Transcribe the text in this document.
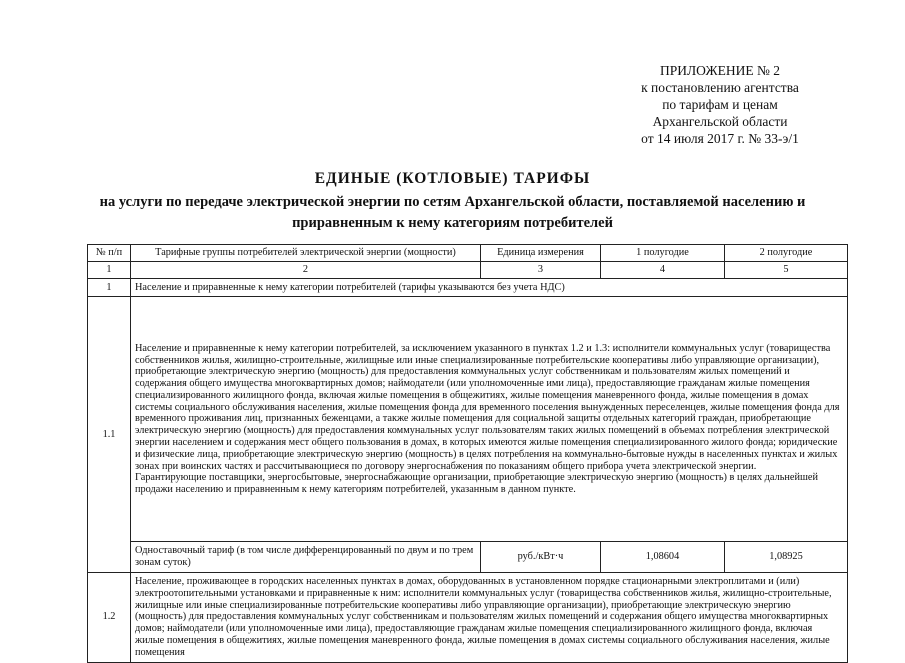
ПРИЛОЖЕНИЕ № 2
к постановлению агентства
по тарифам и ценам
Архангельской области
от 14 июля 2017 г. № 33-э/1
ЕДИНЫЕ (КОТЛОВЫЕ) ТАРИФЫ
на услуги по передаче электрической энергии по сетям Архангельской области, поставляемой населению и приравненным к нему категориям потребителей
№ п/п	Тарифные группы потребителей электрической энергии (мощности)	Единица измерения	1 полугодие	2 полугодие
1	2	3	4	5
1	Население и приравненные к нему категории потребителей (тарифы указываются без учета НДС)			
1.1	Население и приравненные к нему категории потребителей, за исключением указанного в пунктах 1.2 и 1.3: исполнители коммунальных услуг (товарищества собственников жилья, жилищно-строительные, жилищные или иные специализированные потребительские кооперативы либо управляющие организации), приобретающие электрическую энергию (мощность) для предоставления коммунальных услуг собственникам и пользователям жилых помещений и содержания общего имущества многоквартирных домов; наймодатели (или уполномоченные ими лица), предоставляющие гражданам жилые помещения специализированного жилищного фонда, включая жилые помещения в общежитиях, жилые помещения маневренного фонда, жилые помещения в домах системы социального обслуживания населения, жилые помещения фонда для временного поселения вынужденных переселенцев, жилые помещения фонда для временного проживания лиц, признанных беженцами, а также жилые помещения для социальной защиты отдельных категорий граждан, приобретающие электрическую энергию (мощность) для предоставления коммунальных услуг пользователям таких жилых помещений в объемах потребления электрической энергии населением и содержания мест общего пользования в домах, в которых имеются жилые помещения специализированного жилого фонда; юридические и физические лица, приобретающие электрическую энергию (мощность) в целях потребления на коммунально-бытовые нужды в населенных пунктах и жилых зонах при воинских частях и рассчитывающиеся по договору энергоснабжения по показаниям общего прибора учета электрической энергии.

Гарантирующие поставщики, энергосбытовые, энергоснабжающие организации, приобретающие электрическую энергию (мощность) в целях дальнейшей продажи населению и приравненным к нему категориям потребителей, указанным в данном пункте.			

	Одноставочный тариф (в том числе дифференцированный по двум и по трем зонам суток)	руб./кВт·ч	1,08604	1,08925
1.2	Население, проживающее в городских населенных пунктах в домах, оборудованных в установленном порядке стационарными электроплитами и (или) электроотопительными установками и приравненные к ним: исполнители коммунальных услуг (товарищества собственников жилья, жилищно-строительные, жилищные или иные специализированные потребительские кооперативы либо управляющие организации), приобретающие электрическую энергию (мощность) для предоставления коммунальных услуг собственникам и пользователям жилых помещений и содержания общего имущества многоквартирных домов; наймодатели (или уполномоченные ими лица), предоставляющие гражданам жилые помещения специализированного жилищного фонда, включая жилые помещения в общежитиях, жилые помещения маневренного фонда, жилые помещения в домах системы социального обслуживания населения, жилые помещения			
